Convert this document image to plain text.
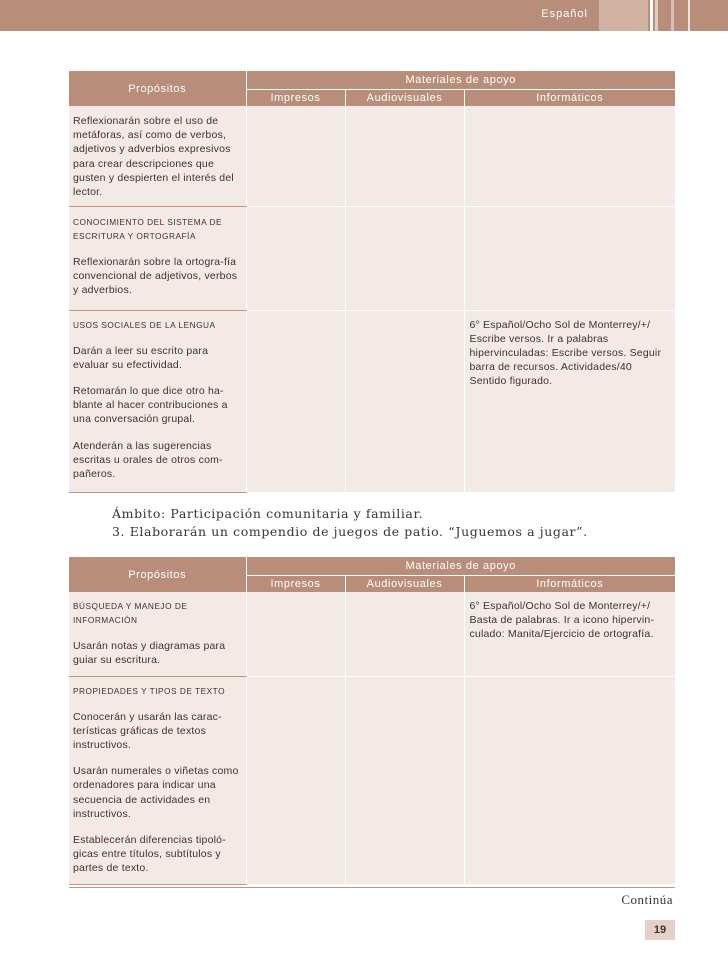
Español
Propósitos	Materiales de apoyo		
	Impresos	Audiovisuales	Informáticos

Reflexionarán sobre el uso de metáforas, así como de verbos, adjetivos y adverbios expresivos para crear descripciones que gusten y despierten el interés del lector.			

CONOCIMIENTO DEL SISTEMA DE ESCRITURA Y ORTOGRAFÍA

Reflexionarán sobre la ortogra-fía convencional de adjetivos, verbos y adverbios.			

USOS SOCIALES DE LA LENGUA

Darán a leer su escrito para evaluar su efectividad.

Retomarán lo que dice otro ha-blante al hacer contribuciones a una conversación grupal.

Atenderán a las sugerencias escritas u orales de otros com-pañeros.			6° Español/Ocho Sol de Monterrey/+/ Escribe versos. Ir a palabras hipervinculadas: Escribe versos. Seguir barra de recursos. Actividades/40 Sentido figurado.
Ámbito: Participación comunitaria y familiar.
3. Elaborarán un compendio de juegos de patio. “Juguemos a jugar”.
Propósitos	Materiales de apoyo		
	Impresos	Audiovisuales	Informáticos

BÚSQUEDA Y MANEJO DE INFORMACIÓN

Usarán notas y diagramas para guiar su escritura.			6° Español/Ocho Sol de Monterrey/+/ Basta de palabras. Ir a icono hipervin-culado: Manita/Ejercicio de ortografía.

PROPIEDADES Y TIPOS DE TEXTO

Conocerán y usarán las carac-terísticas gráficas de textos instructivos.

Usarán numerales o viñetas como ordenadores para indicar una secuencia de actividades en instructivos.

Establecerán diferencias tipoló-gicas entre títulos, subtítulos y partes de texto.			

Continúa
19
